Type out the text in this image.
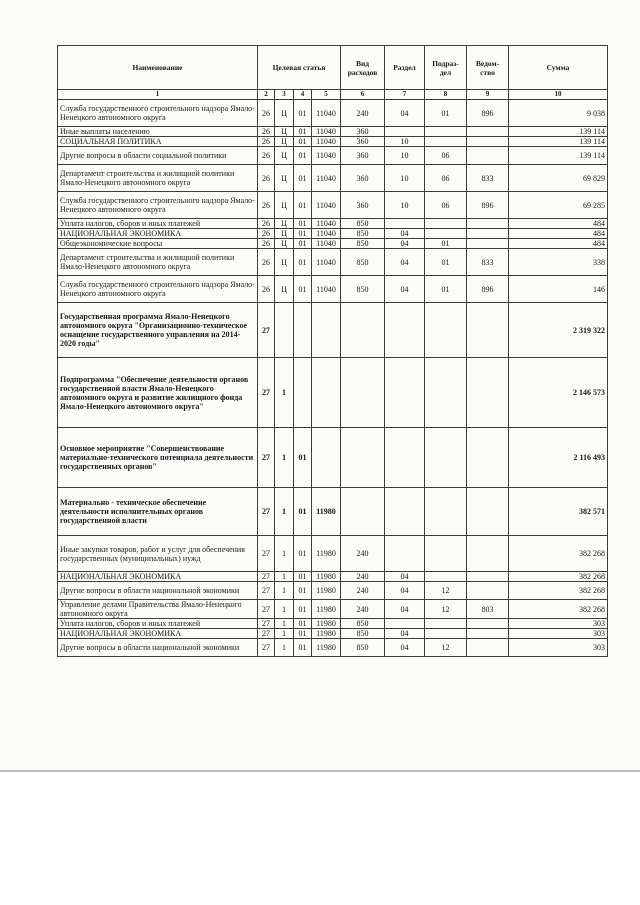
Наименование	Целевая статья				Вид расходов	Раздел	Подраз-дел	Ведом-ство	Сумма
1	2	3	4	5	6	7	8	9	10
Служба государственного строительного надзора Ямало-Ненецкого автономного округа	26	Ц	01	11040	240	04	01	896	9 038
Иные выплаты населению	26	Ц	01	11040	360				139 114
СОЦИАЛЬНАЯ ПОЛИТИКА	26	Ц	01	11040	360	10			139 114
Другие вопросы в области социальной политики	26	Ц	01	11040	360	10	06		139 114
Департамент строительства и жилищной политики Ямало-Ненецкого автономного округа	26	Ц	01	11040	360	10	06	833	69 829
Служба государственного строительного надзора Ямало-Ненецкого автономного округа	26	Ц	01	11040	360	10	06	896	69 285
Уплата налогов, сборов и иных платежей	26	Ц	01	11040	850				484
НАЦИОНАЛЬНАЯ ЭКОНОМИКА	26	Ц	01	11040	850	04			484
Общеэкономические вопросы	26	Ц	01	11040	850	04	01		484
Департамент строительства и жилищной политики Ямало-Ненецкого автономного округа	26	Ц	01	11040	850	04	01	833	338
Служба государственного строительного надзора Ямало-Ненецкого автономного округа	26	Ц	01	11040	850	04	01	896	146
Государственная программа Ямало-Ненецкого автономного округа "Организационно-техническое оснащение государственного управления на 2014-2020 годы"	27								2 319 322
Подпрограмма "Обеспечение деятельности органов государственной власти Ямало-Ненецкого автономного округа и развитие жилищного фонда Ямало-Ненецкого автономного округа"	27	1							2 146 573
Основное мероприятие "Совершенствование материально-технического потенциала деятельности государственных органов"	27	1	01						2 116 493
Материально - техническое обеспечение деятельности исполнительных органов государственной власти	27	1	01	11980					382 571
Иные закупки товаров, работ и услуг для обеспечения государственных (муниципальных) нужд	27	1	01	11980	240				382 268
НАЦИОНАЛЬНАЯ ЭКОНОМИКА	27	1	01	11980	240	04			382 268
Другие вопросы в области национальной экономики	27	1	01	11980	240	04	12		382 268
Управление делами Правительства Ямало-Ненецкого автономного округа	27	1	01	11980	240	04	12	803	382 268
Уплата налогов, сборов и иных платежей	27	1	01	11980	850				303
НАЦИОНАЛЬНАЯ ЭКОНОМИКА	27	1	01	11980	850	04			303
Другие вопросы в области национальной экономики	27	1	01	11980	850	04	12		303
